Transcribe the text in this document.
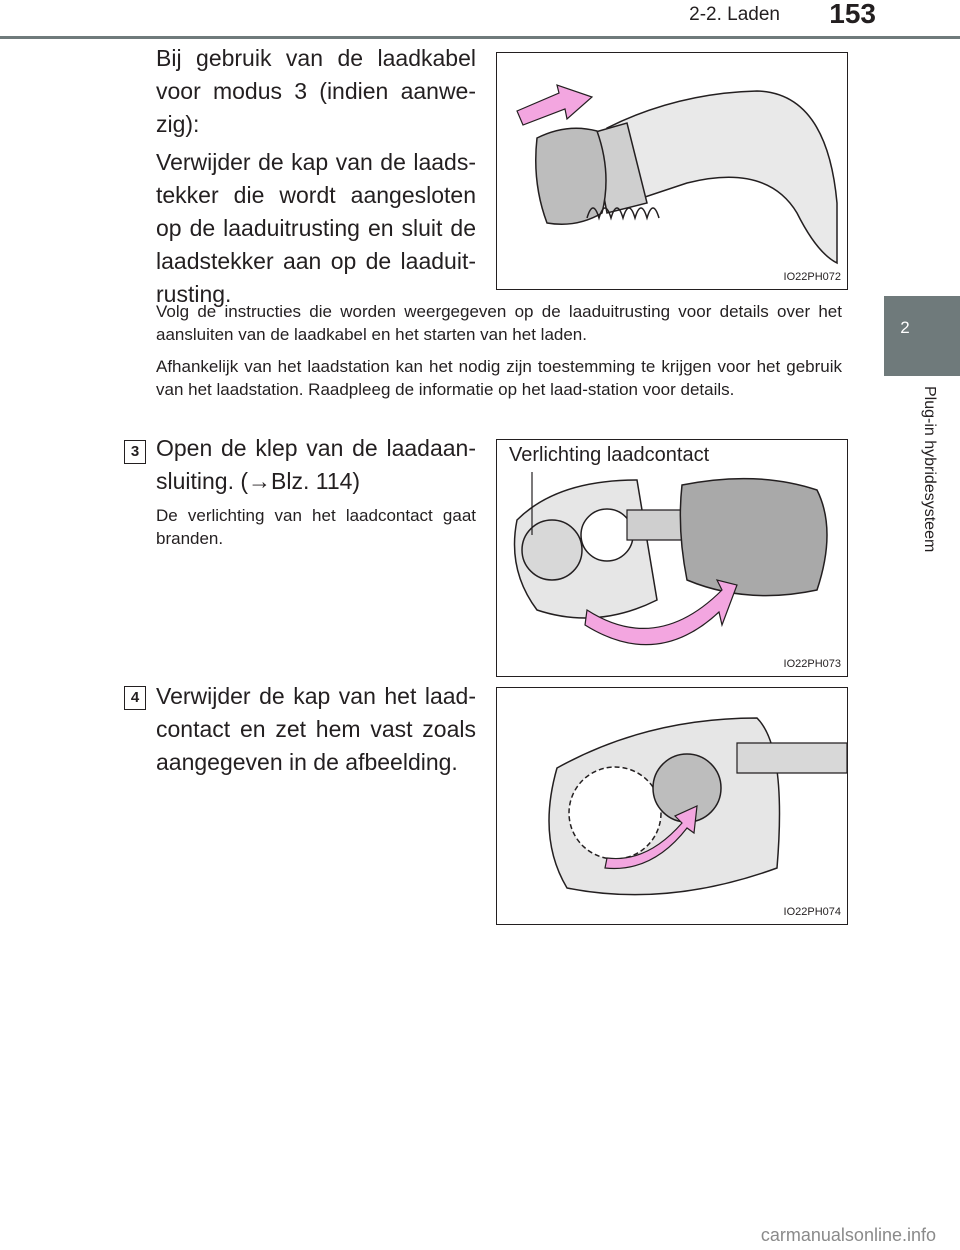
2-2. Laden 153
2
Plug-in hybridesysteem
Bij gebruik van de laadkabel voor modus 3 (indien aanwe-zig):
Verwijder de kap van de laads-tekker die wordt aangesloten op de laaduitrusting en sluit de laadstekker aan op de laaduit-rusting.
IO22PH072
Volg de instructies die worden weergegeven op de laaduitrusting voor details over het aansluiten van de laadkabel en het starten van het laden.
Afhankelijk van het laadstation kan het nodig zijn toestemming te krijgen voor het gebruik van het laadstation. Raadpleeg de informatie op het laad-station voor details.
3 Open de klep van de laadaan-sluiting. (→Blz. 114)
De verlichting van het laadcontact gaat branden.
Verlichting laadcontact
IO22PH073
4 Verwijder de kap van het laad-contact en zet hem vast zoals aangegeven in de afbeelding.
IO22PH074
carmanualsonline.info
